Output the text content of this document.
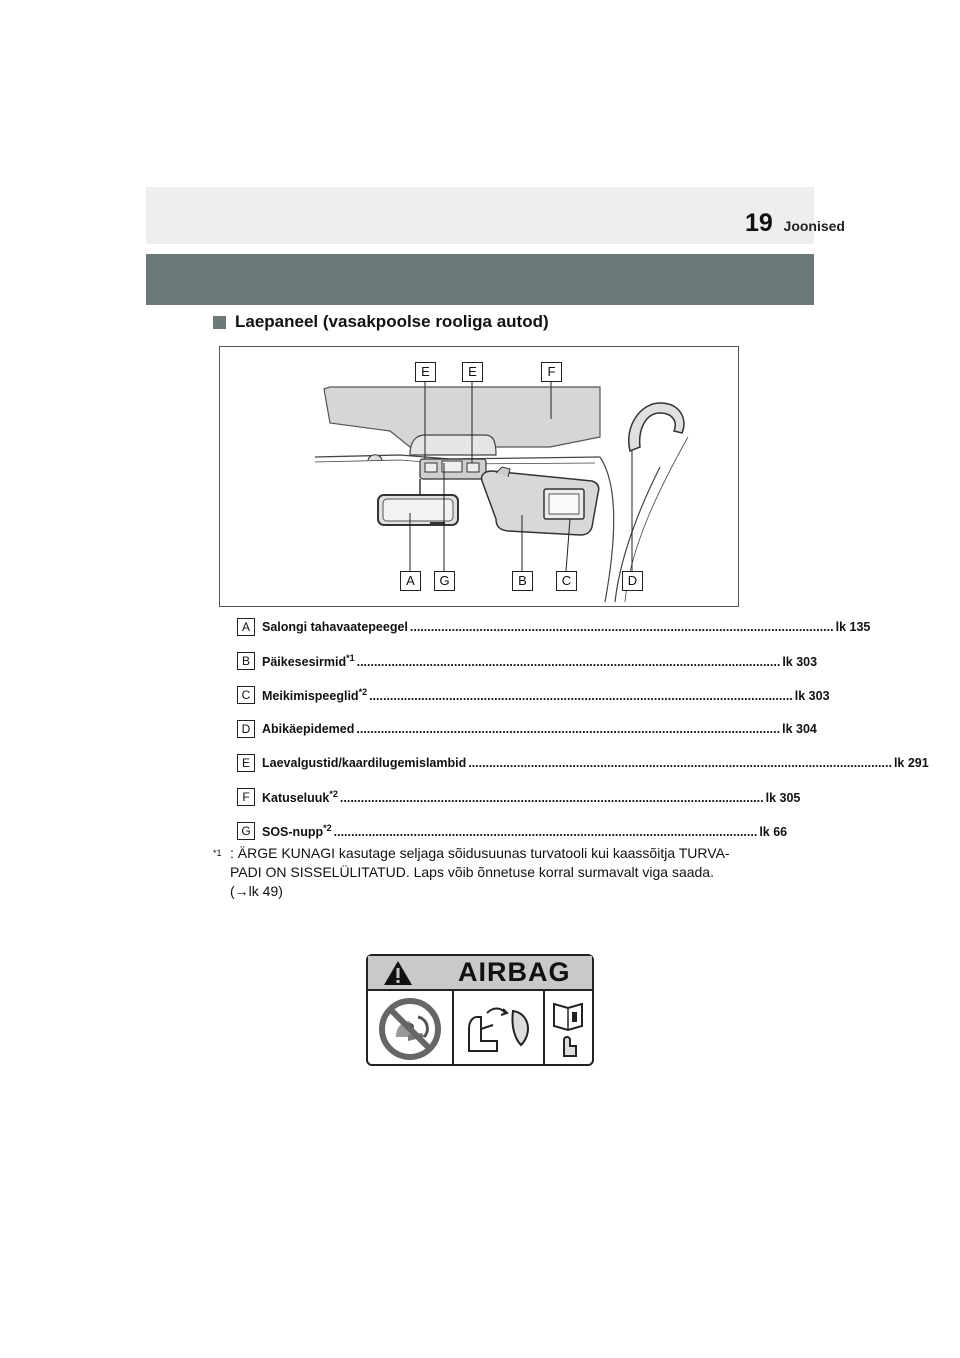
Joonised
19
Laepaneel (vasakpoolse rooliga autod)
E	E	F
A	G	B	C	D
A Salongi tahavaatepeegel .......................................................................................................................... lk 135
B Päikesesirmid$^{*1}$ .......................................................................................................................... lk 303
C Meikimispeeglid$^{*2}$ .......................................................................................................................... lk 303
D Abikäepidemed .......................................................................................................................... lk 304
E Laevalgustid/kaardilugemislambid .......................................................................................................................... lk 291
F Katuseluuk$^{*2}$ .......................................................................................................................... lk 305
G SOS-nupp$^{*2}$ .......................................................................................................................... lk 66
$^{*1}$ : ÄRGE KUNAGI kasutage seljaga sõidusuunas turvatooli kui kaassõitja TURVA-PADI ON SISSELÜLITATUD. Laps võib õnnetuse korral surmavalt viga saada.
(→lk 49)
AIRBAG
